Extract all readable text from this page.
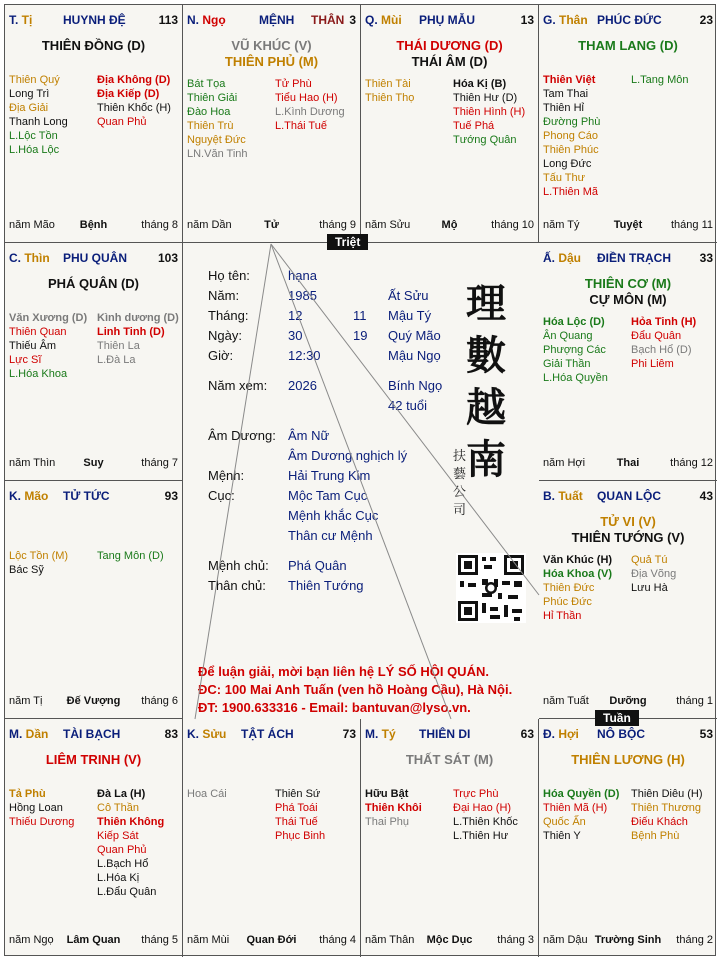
T. Tị	HUYNH ĐỆ	113
THIÊN ĐỒNG (D)
Thiên Quý
Long Trì
Địa Giải
Thanh Long
L.Lộc Tồn
L.Hóa Lộc
Địa Không (D)
Địa Kiếp (D)
Thiên Khốc (H)
Quan Phủ
năm Mão	Bệnh	tháng 8
N. Ngọ	MỆNH THÂN 3
VŨ KHÚC (V)
THIÊN PHỦ (M)
Bát Tọa
Thiên Giải
Đào Hoa
Thiên Trù
Nguyệt Đức
LN.Văn Tinh
Tử Phù
Tiểu Hao (H)
L.Kình Dương
L.Thái Tuế
năm Dần	Tử	tháng 9
Q. Mùi PHỤ MẪU	13
THÁI DƯƠNG (D)
THÁI ÂM (D)
Thiên Tài
Thiên Thọ
Hóa Kị (B)
Thiên Hư (D)
Thiên Hình (H)
Tuế Phá
Tướng Quân
năm Sửu	Mộ	tháng 10
G. Thân PHÚC ĐỨC	23
THAM LANG (D)
Thiên Việt
Tam Thai
Thiên Hỉ
Đường Phù
Phong Cáo
Thiên Phúc
Long Đức
Tấu Thư
L.Thiên Mã
L.Tang Môn
năm Tý	Tuyệt	tháng 11
C. Thìn PHU QUÂN	103
PHÁ QUÂN (D)
Văn Xương (D)
Thiên Quan
Thiếu Âm
Lực Sĩ
L.Hóa Khoa
Kình dương (D)
Linh Tinh (D)
Thiên La
L.Đà La
năm Thìn	Suy	tháng 7
Ấ. Dậu ĐIỀN TRẠCH 33
THIÊN CƠ (M)
CỰ MÔN (M)
Hóa Lộc (D)
Ân Quang
Phượng Các
Giải Thần
L.Hóa Quyền
Hỏa Tinh (H)
Đẩu Quân
Bạch Hổ (D)
Phi Liêm
năm Hợi	Thai	tháng 12
K. Mão TỬ TỨC	93
Lộc Tồn (M)
Bác Sỹ
Tang Môn (D)
năm Tị	Đế Vượng	tháng 6
B. Tuất QUAN LỘC	43
TỬ VI (V)
THIÊN TƯỚNG (V)
Văn Khúc (H)
Hóa Khoa (V)
Thiên Đức
Phúc Đức
Hỉ Thần
Quả Tú
Địa Võng
Lưu Hà
năm Tuất	Dưỡng	tháng 1
M. Dần TÀI BẠCH	83
LIÊM TRINH (V)
Tả Phù
Hồng Loan
Thiếu Dương
Đà La (H)
Cô Thần
Thiên Không
Kiếp Sát
Quan Phủ
L.Bạch Hổ
L.Hóa Kị
L.Đẩu Quân
năm Ngọ	Lâm Quan	tháng 5
K. Sửu TẬT ÁCH	73
Hoa Cái	Thiên Sứ
Phá Toái
Thái Tuế
Phục Binh
năm Mùi	Quan Đới	tháng 4
M. Tý THIÊN DI	63
THẤT SÁT (M)
Hữu Bật
Thiên Khôi
Thai Phụ
Trực Phù
Đại Hao (H)
L.Thiên Khốc
L.Thiên Hư
năm Thân	Mộc Dục	tháng 3
Đ. Hợi NÔ BỘC	53
THIÊN LƯƠNG (H)
Hóa Quyền (D)
Thiên Mã (H)
Quốc Ấn
Thiên Y
Thiên Diêu (H)
Thiên Thương
Điếu Khách
Bệnh Phù
năm Dậu Trường Sinh	tháng 2
Triệt
Tuần
Họ tên:	hạna
Năm:	1985	Ất Sửu
Tháng:	12	11 Mậu Tý
Ngày:	30	19 Quý Mão
Giờ:	12:30	Mậu Ngọ
Năm xem: 2026	Bính Ngọ
42 tuổi
Âm Dương: Âm Nữ
Âm Dương nghịch lý
Mệnh:	Hải Trung Kim
Cục:	Mộc Tam Cục
Mệnh khắc Cục
Thân cư Mệnh
Mệnh chủ: Phá Quân
Thân chủ: Thiên Tướng
理
數
越
南
扶
藝
公
司
Để luận giải, mời bạn liên hệ LÝ SỐ HỘI QUÁN.
ĐC: 100 Mai Anh Tuấn (ven hồ Hoàng Cầu), Hà Nội.
ĐT: 1900.633316 - Email: bantuvan@lyso.vn.
